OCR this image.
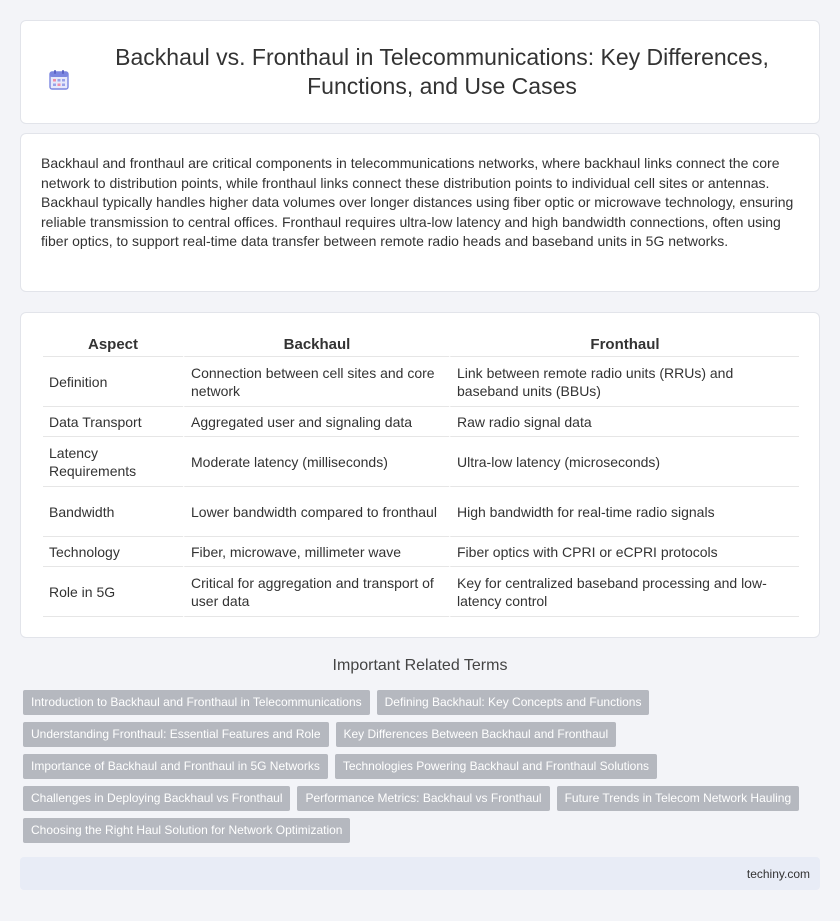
Backhaul vs. Fronthaul in Telecommunications: Key Differences, Functions, and Use Cases

Backhaul and fronthaul are critical components in telecommunications networks, where backhaul links connect the core network to distribution points, while fronthaul links connect these distribution points to individual cell sites or antennas. Backhaul typically handles higher data volumes over longer distances using fiber optic or microwave technology, ensuring reliable transmission to central offices. Fronthaul requires ultra-low latency and high bandwidth connections, often using fiber optics, to support real-time data transfer between remote radio heads and baseband units in 5G networks.

Aspect	Backhaul	Fronthaul
Definition	Connection between cell sites and core network	Link between remote radio units (RRUs) and baseband units (BBUs)
Data Transport	Aggregated user and signaling data	Raw radio signal data
Latency Requirements	Moderate latency (milliseconds)	Ultra-low latency (microseconds)
Bandwidth	Lower bandwidth compared to fronthaul	High bandwidth for real-time radio signals
Technology	Fiber, microwave, millimeter wave	Fiber optics with CPRI or eCPRI protocols
Role in 5G	Critical for aggregation and transport of user data	Key for centralized baseband processing and low-latency control
Important Related Terms
Introduction to Backhaul and Fronthaul in Telecommunications	Defining Backhaul: Key Concepts and Functions
Understanding Fronthaul: Essential Features and Role	Key Differences Between Backhaul and Fronthaul
Importance of Backhaul and Fronthaul in 5G Networks	Technologies Powering Backhaul and Fronthaul Solutions
Challenges in Deploying Backhaul vs Fronthaul	Performance Metrics: Backhaul vs Fronthaul	Future Trends in Telecom Network Hauling
Choosing the Right Haul Solution for Network Optimization
techiny.com
